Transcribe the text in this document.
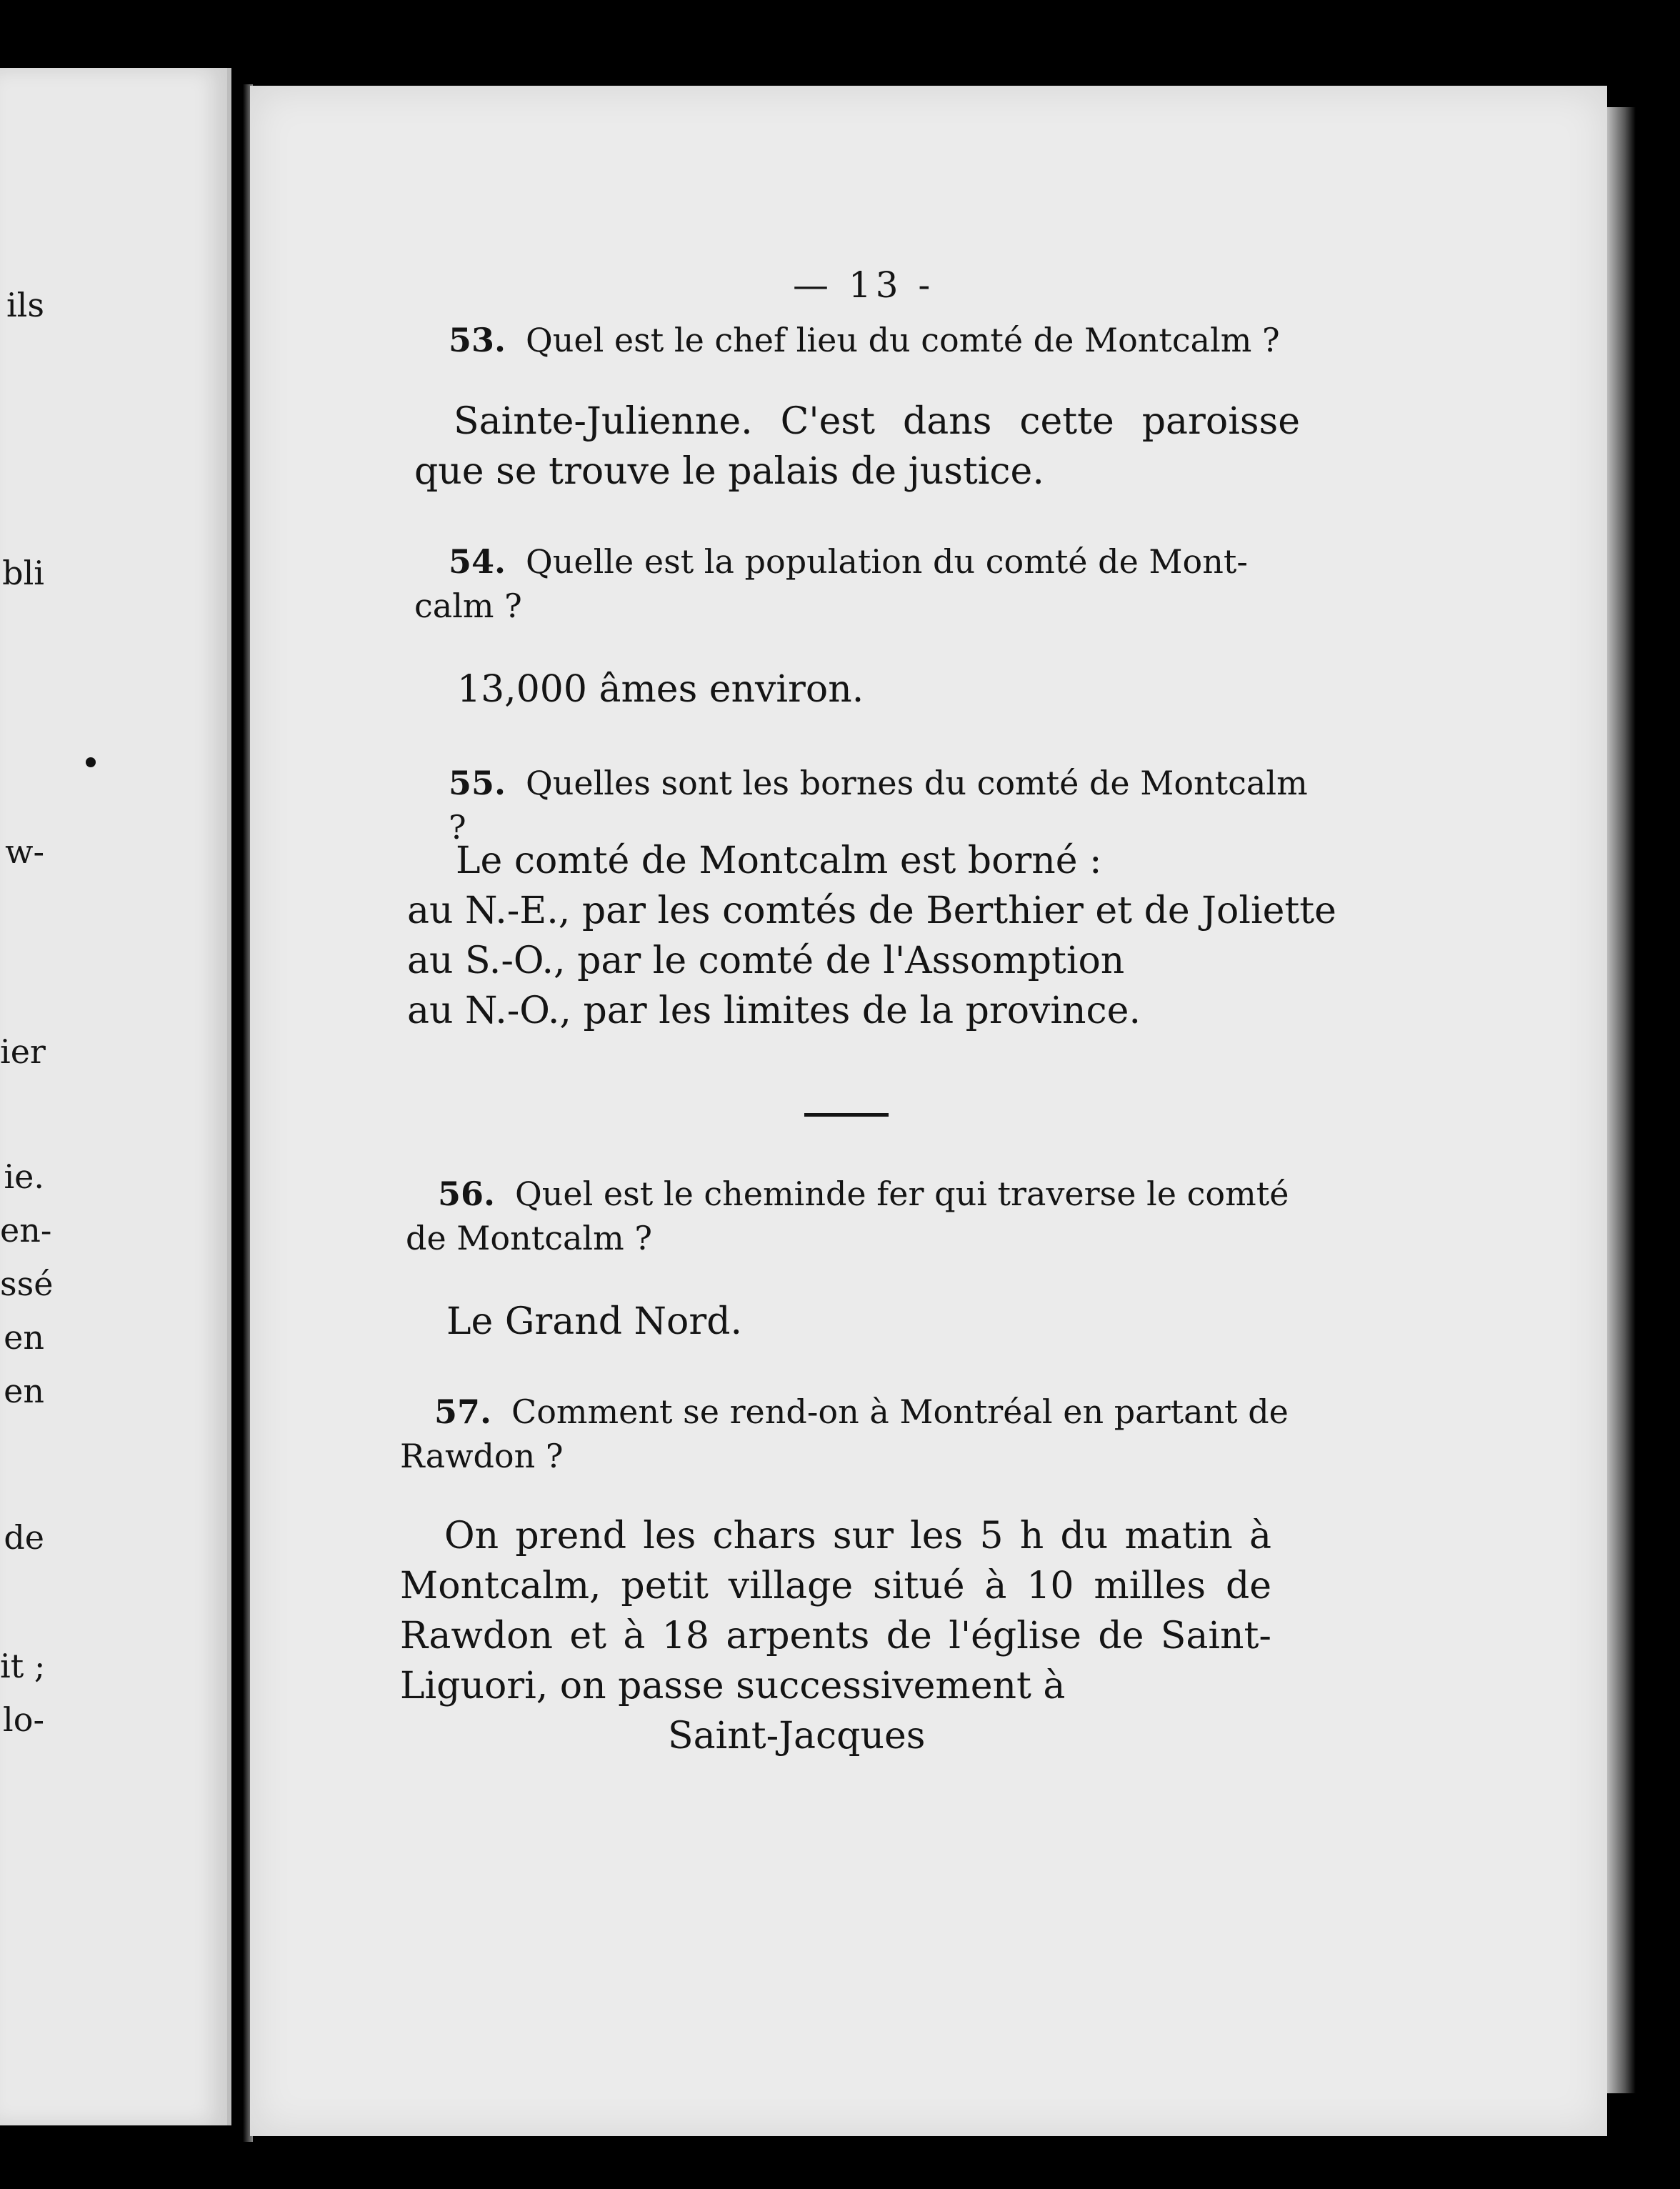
ils

bli

w-

ier

ie.

en-

ssé

en

en

de

it ;

lo-

— 13 -

53. Quel est le chef lieu du comté de Montcalm ?

Sainte-Julienne. C'est dans cette paroisse
que se trouve le palais de justice.
54. Quelle est la population du comté de Mont-
calm ?
13,000 âmes environ.

55. Quelles sont les bornes du comté de Montcalm ?

Le comté de Montcalm est borné :
au N.-E., par les comtés de Berthier et de Joliette
au S.-O., par le comté de l'Assomption
au N.-O., par les limites de la province.
56. Quel est le cheminde fer qui traverse le comté
de Montcalm ?
Le Grand Nord.
57. Comment se rend-on à Montréal en partant de
Rawdon ?
On prend les chars sur les 5 h du matin à
Montcalm, petit village situé à 10 milles de
Rawdon et à 18 arpents de l'église de Saint-
Liguori, on passe successivement à
Saint-Jacques
